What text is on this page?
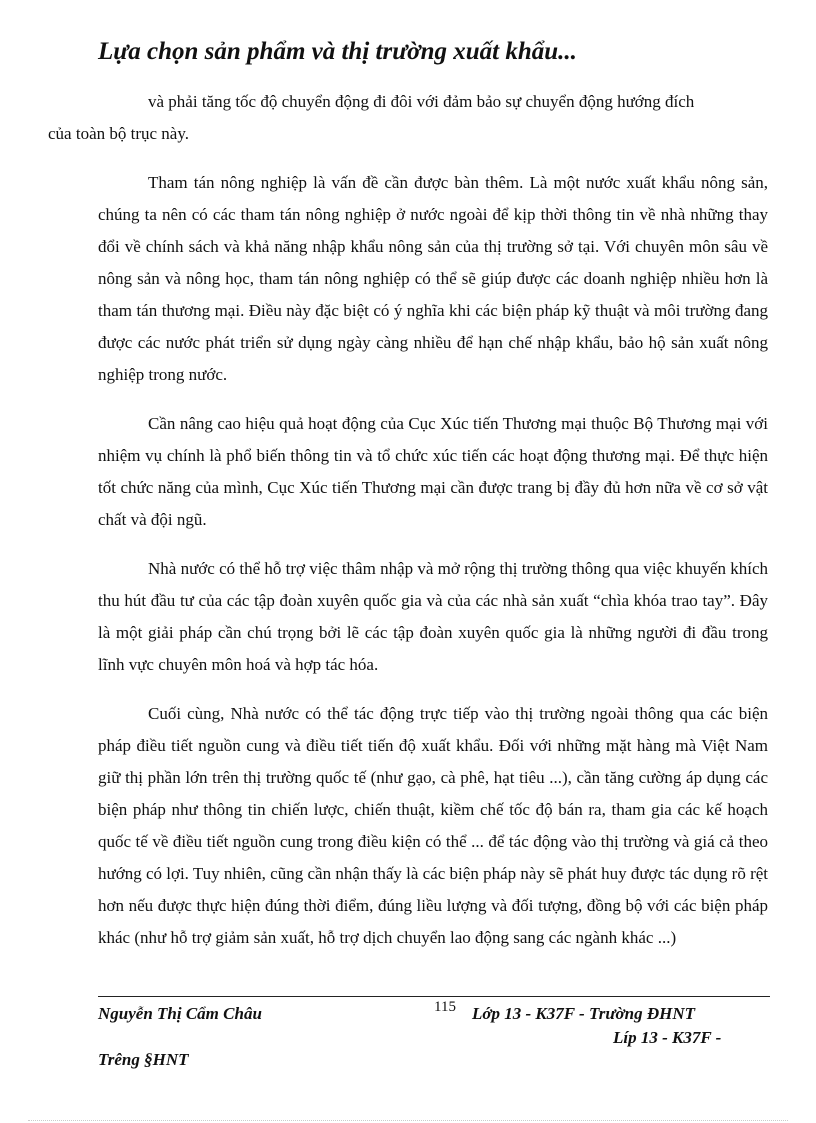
Lựa chọn sản phẩm và thị trường xuất khẩu...

và phải tăng tốc độ chuyển động đi đôi với đảm bảo sự chuyển động hướng đích
của toàn bộ trục này.

Tham tán nông nghiệp là vấn đề cần được bàn thêm. Là một nước xuất khẩu nông sản, chúng ta nên có các tham tán nông nghiệp ở nước ngoài để kịp thời thông tin về nhà những thay đổi về chính sách và khả năng nhập khẩu nông sản của thị trường sở tại. Với chuyên môn sâu về nông sản và nông học, tham tán nông nghiệp có thể sẽ giúp được các doanh nghiệp nhiều hơn là tham tán thương mại. Điều này đặc biệt có ý nghĩa khi các biện pháp kỹ thuật và môi trường đang được các nước phát triển sử dụng ngày càng nhiều để hạn chế nhập khẩu, bảo hộ sản xuất nông nghiệp trong nước.

Cần nâng cao hiệu quả hoạt động của Cục Xúc tiến Thương mại thuộc Bộ Thương mại với nhiệm vụ chính là phổ biến thông tin và tổ chức xúc tiến các hoạt động thương mại. Để thực hiện tốt chức năng của mình, Cục Xúc tiến Thương mại cần được trang bị đầy đủ hơn nữa về cơ sở vật chất và đội ngũ.

Nhà nước có thể hỗ trợ việc thâm nhập và mở rộng thị trường thông qua việc khuyến khích thu hút đầu tư của các tập đoàn xuyên quốc gia và của các nhà sản xuất “chìa khóa trao tay”. Đây là một giải pháp cần chú trọng bởi lẽ các tập đoàn xuyên quốc gia là những người đi đầu trong lĩnh vực chuyên môn hoá và hợp tác hóa.

Cuối cùng, Nhà nước có thể tác động trực tiếp vào thị trường ngoài thông qua các biện pháp điều tiết nguồn cung và điều tiết tiến độ xuất khẩu. Đối với những mặt hàng mà Việt Nam giữ thị phần lớn trên thị trường quốc tế (như gạo, cà phê, hạt tiêu ...), cần tăng cường áp dụng các biện pháp như thông tin chiến lược, chiến thuật, kiềm chế tốc độ bán ra, tham gia các kế hoạch quốc tế về điều tiết nguồn cung trong điều kiện có thể ... để tác động vào thị trường và giá cả theo hướng có lợi. Tuy nhiên, cũng cần nhận thấy là các biện pháp này sẽ phát huy được tác dụng rõ rệt hơn nếu được thực hiện đúng thời điểm, đúng liều lượng và đối tượng, đồng bộ với các biện pháp khác (như hỗ trợ giảm sản xuất, hỗ trợ dịch chuyển lao động sang các ngành khác ...)

Nguyễn Thị Cẩm Châu	115 Lớp 13 - K37F - Trường ĐHNT
Líp 13 - K37F -
Trêng §HNT
